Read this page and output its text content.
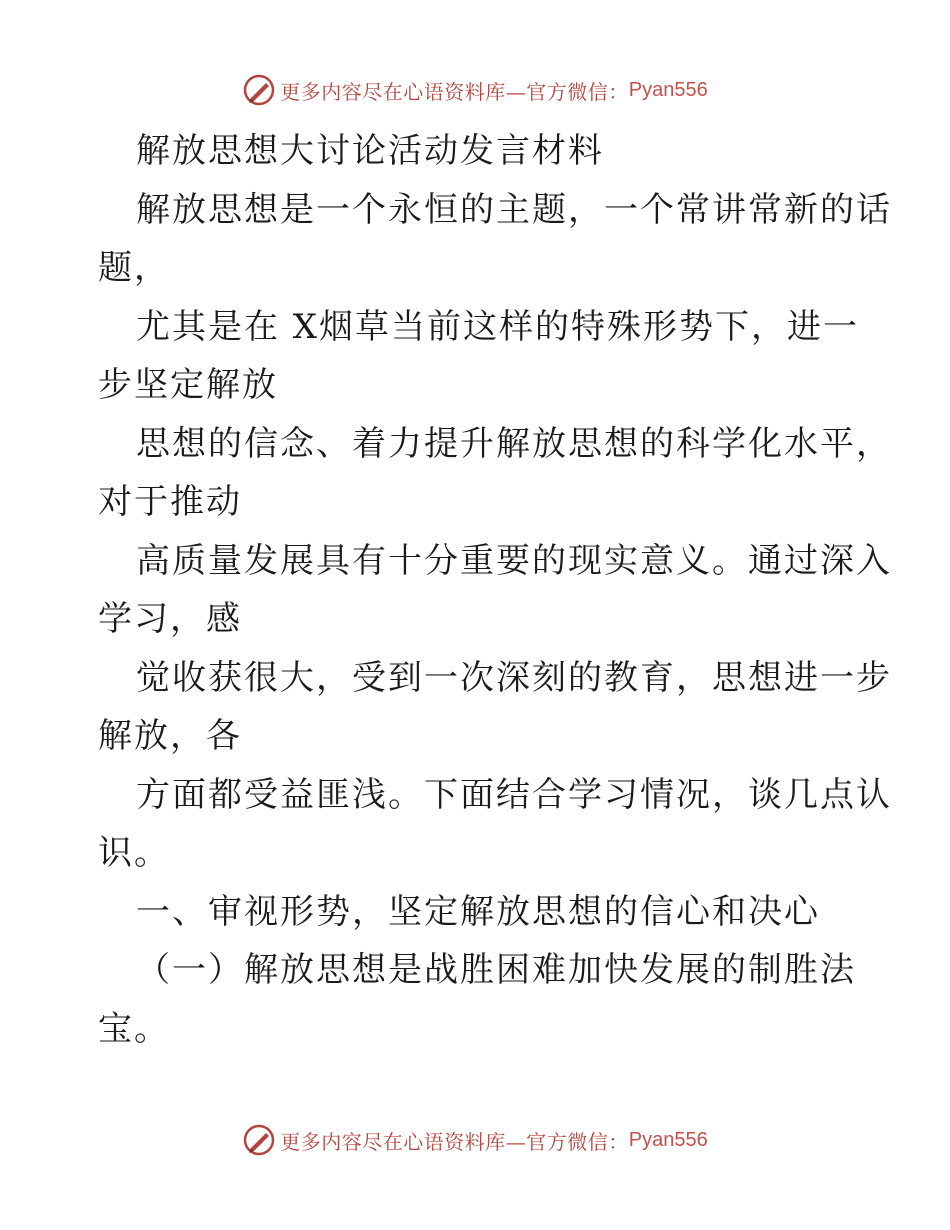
更多内容尽在心语资料库—官方微信： Pyan556
解放思想大讨论活动发言材料
解放思想是一个永恒的主题，一个常讲常新的话
题，
尤其是在 X烟草当前这样的特殊形势下，进一
步坚定解放
思想的信念、着力提升解放思想的科学化水平，
对于推动
高质量发展具有十分重要的现实意义。通过深入
学习，感
觉收获很大，受到一次深刻的教育，思想进一步
解放，各
方面都受益匪浅。下面结合学习情况，谈几点认
识。
一、审视形势，坚定解放思想的信心和决心
（一）解放思想是战胜困难加快发展的制胜法
宝。
更多内容尽在心语资料库—官方微信： Pyan556
